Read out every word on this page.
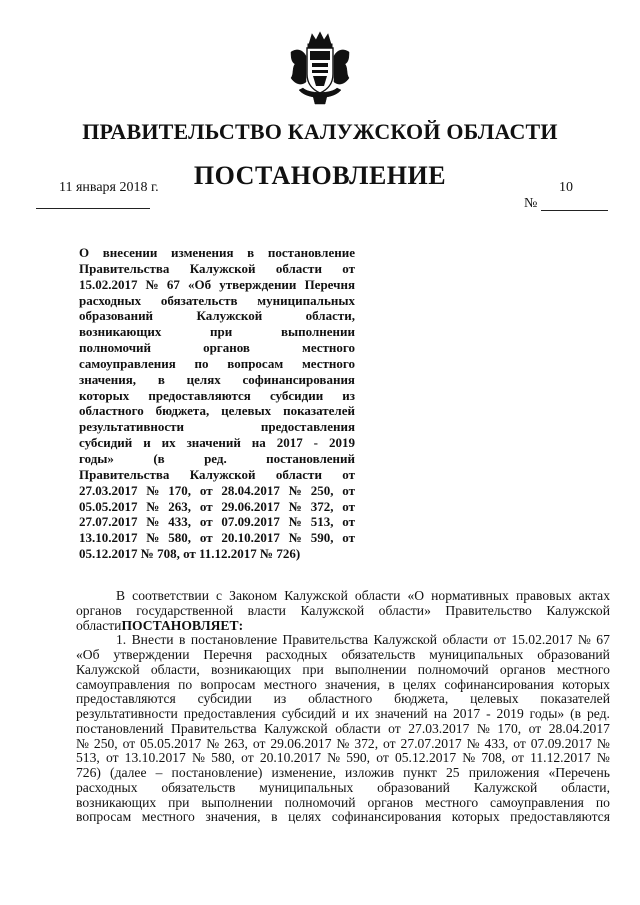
ПРАВИТЕЛЬСТВО КАЛУЖСКОЙ ОБЛАСТИ
ПОСТАНОВЛЕНИЕ
11 января 2018 г.	10
№
О внесении изменения в постановление
Правительства Калужской области от
15.02.2017 № 67 «Об утверждении Перечня
расходных обязательств муниципальных
образований	Калужской	области,
возникающих	при	выполнении
полномочий	органов	местного
самоуправления по вопросам местного
значения, в целях софинансирования
которых предоставляются субсидии из
областного бюджета, целевых показателей
результативности	предоставления
субсидий и их значений на 2017 - 2019
годы»	(в	ред.	постановлений
Правительства Калужской области от
27.03.2017 № 170, от 28.04.2017 № 250, от
05.05.2017 № 263, от 29.06.2017 № 372, от
27.07.2017 № 433, от 07.09.2017 № 513, от
13.10.2017 № 580, от 20.10.2017 № 590, от
05.12.2017 № 708, от 11.12.2017 № 726)
В соответствии с Законом Калужской области «О нормативных правовых актах
органов государственной власти Калужской области» Правительство Калужской
области ПОСТАНОВЛЯЕТ:
1. Внести в постановление Правительства Калужской области от 15.02.2017 № 67
«Об утверждении Перечня расходных обязательств муниципальных образований
Калужской области, возникающих при выполнении полномочий органов местного
самоуправления по вопросам местного значения, в целях софинансирования которых
предоставляются субсидии из областного бюджета, целевых показателей
результативности предоставления субсидий и их значений на 2017 - 2019 годы» (в ред.
постановлений Правительства Калужской области от 27.03.2017 № 170, от 28.04.2017
№ 250, от 05.05.2017 № 263, от 29.06.2017 № 372, от 27.07.2017 № 433, от 07.09.2017 №
513, от 13.10.2017 № 580, от 20.10.2017 № 590, от 05.12.2017 № 708, от 11.12.2017 №
726) (далее – постановление) изменение, изложив пункт 25 приложения «Перечень
расходных обязательств муниципальных образований Калужской области,
возникающих при выполнении полномочий органов местного самоуправления по
вопросам местного значения, в целях софинансирования которых предоставляются
